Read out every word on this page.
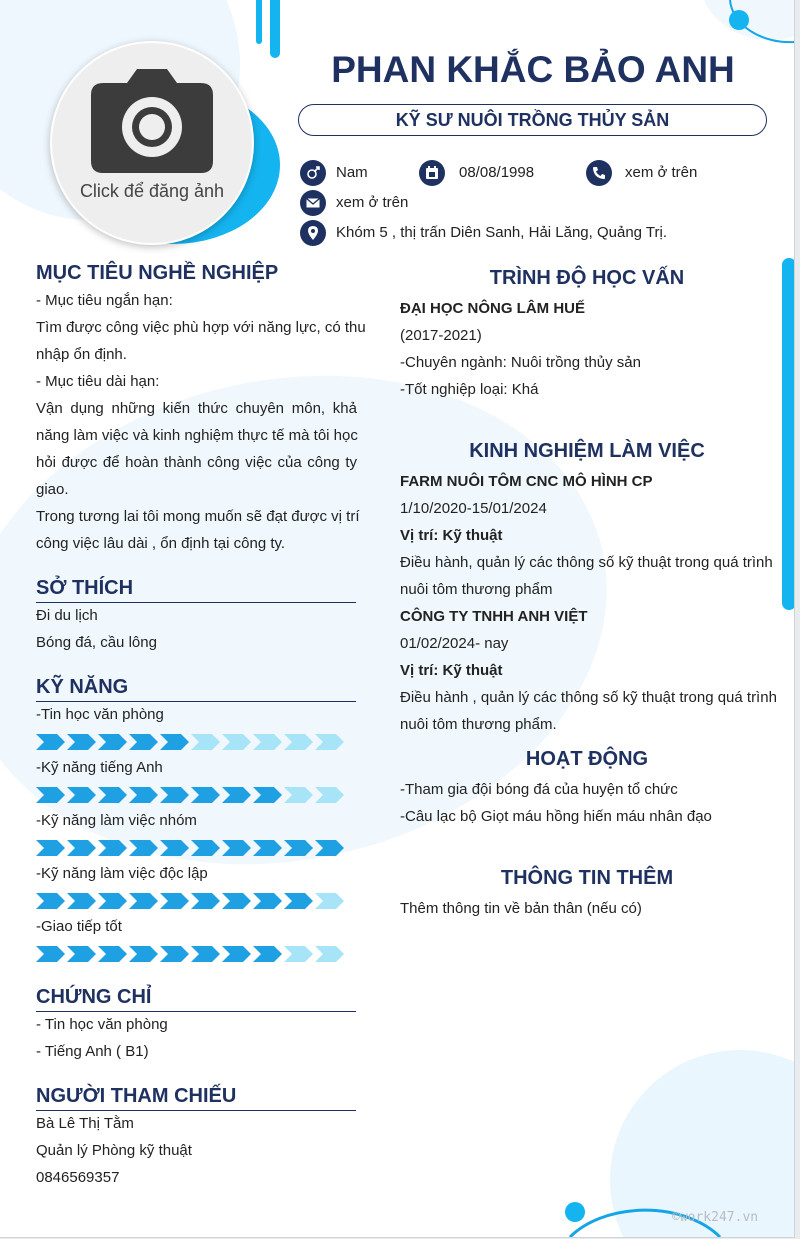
Click để đăng ảnh
PHAN KHẮC BẢO ANH
KỸ SƯ NUÔI TRỒNG THỦY SẢN
Nam	08/08/1998	xem ở trên
xem ở trên
Khóm 5 , thị trấn Diên Sanh, Hải Lăng, Quảng Trị.
MỤC TIÊU NGHỀ NGHIỆP
- Mục tiêu ngắn hạn:
Tìm được công việc phù hợp với năng lực, có thu
nhập ổn định.
- Mục tiêu dài hạn:
Vận dụng những kiến thức chuyên môn, khả
năng làm việc và kinh nghiệm thực tế mà tôi học
hỏi được để hoàn thành công việc của công ty
giao.
Trong tương lai tôi mong muốn sẽ đạt được vị trí
công việc lâu dài , ổn định tại công ty.
SỞ THÍCH
Đi du lịch
Bóng đá, cầu lông
KỸ NĂNG
-Tin học văn phòng
-Kỹ năng tiếng Anh
-Kỹ năng làm việc nhóm
-Kỹ năng làm việc độc lập
-Giao tiếp tốt
CHỨNG CHỈ
- Tin học văn phòng
- Tiếng Anh ( B1)
NGƯỜI THAM CHIẾU
Bà Lê Thị Tằm
Quản lý Phòng kỹ thuật
0846569357
TRÌNH ĐỘ HỌC VẤN
ĐẠI HỌC NÔNG LÂM HUẾ
(2017-2021)
-Chuyên ngành: Nuôi trồng thủy sản
-Tốt nghiệp loại: Khá
KINH NGHIỆM LÀM VIỆC
FARM NUÔI TÔM CNC MÔ HÌNH CP
1/10/2020-15/01/2024
Vị trí: Kỹ thuật
Điều hành, quản lý các thông số kỹ thuật trong quá trình
nuôi tôm thương phẩm
CÔNG TY TNHH ANH VIỆT
01/02/2024- nay
Vị trí: Kỹ thuật
Điều hành , quản lý các thông số kỹ thuật trong quá trình
nuôi tôm thương phẩm.
HOẠT ĐỘNG
-Tham gia đội bóng đá của huyện tổ chức
-Câu lạc bộ Giọt máu hồng hiến máu nhân đạo
THÔNG TIN THÊM
Thêm thông tin về bản thân (nếu có)
©work247.vn
